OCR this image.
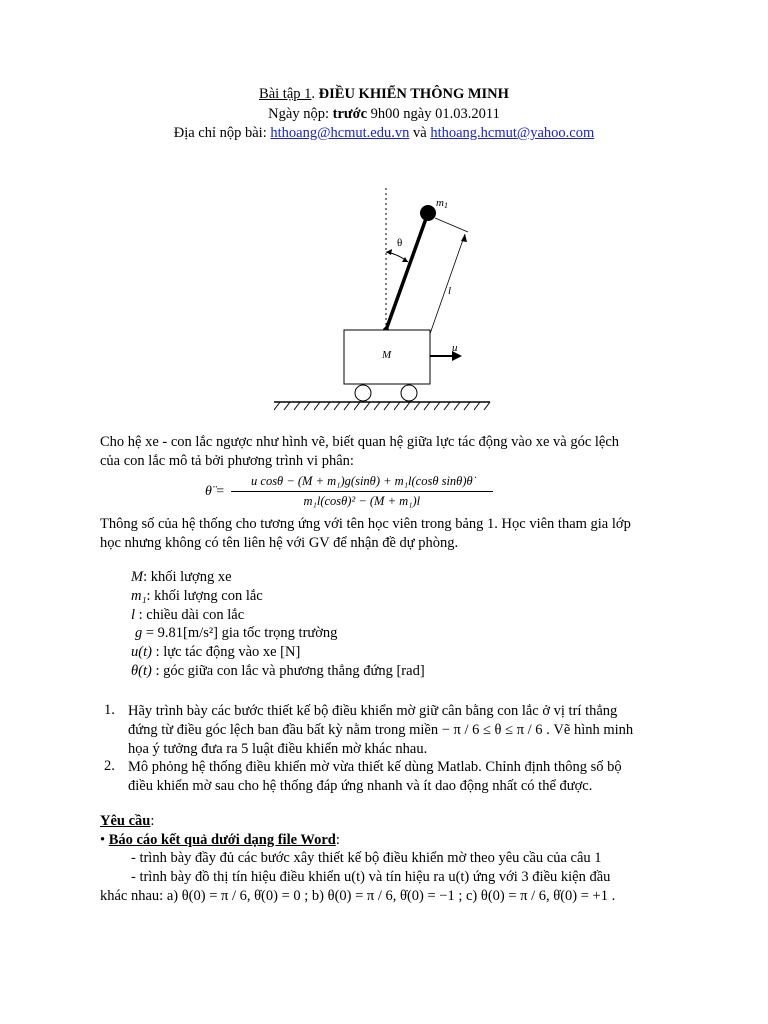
Bài tập 1. ĐIỀU KHIỂN THÔNG MINH
Ngày nộp: trước 9h00 ngày 01.03.2011
Địa chỉ nộp bài: hthoang@hcmut.edu.vn và hthoang.hcmut@yahoo.com
m1
θ
l
M
u
Cho hệ xe - con lắc ngược như hình vẽ, biết quan hệ giữa lực tác động vào xe và góc lệch
của con lắc mô tả bởi phương trình vi phân:
θ̈ = $\frac{\text{u cosθ − (M + m₁)g(sinθ) + m₁l(cosθ sinθ)θ̇}}{\text{m₁l(cosθ)² − (M + m₁)l}}$
Thông số của hệ thống cho tương ứng với tên học viên trong bảng 1. Học viên tham gia lớp
học nhưng không có tên liên hệ với GV để nhận đề dự phòng.
M: khối lượng xe
m₁: khối lượng con lắc
l : chiều dài con lắc
g = 9.81[m/s²] gia tốc trọng trường
u(t) : lực tác động vào xe [N]
θ(t) : góc giữa con lắc và phương thẳng đứng [rad]
1. Hãy trình bày các bước thiết kế bộ điều khiển mờ giữ cân bằng con lắc ở vị trí thẳng
đứng từ điều góc lệch ban đầu bất kỳ nằm trong miền − π / 6 ≤ θ ≤ π / 6 . Vẽ hình minh
họa ý tưởng đưa ra 5 luật điều khiển mờ khác nhau.
2. Mô phỏng hệ thống điều khiển mờ vừa thiết kế dùng Matlab. Chỉnh định thông số bộ
điều khiển mờ sau cho hệ thống đáp ứng nhanh và ít dao động nhất có thể được.
Yêu cầu:
• Báo cáo kết quả dưới dạng file Word:
- trình bày đầy đủ các bước xây thiết kế bộ điều khiển mờ theo yêu cầu của câu 1
- trình bày đồ thị tín hiệu điều khiển u(t) và tín hiệu ra u(t) ứng với 3 điều kiện đầu
khác nhau: a) θ(0) = π / 6, θ̇(0) = 0 ; b) θ(0) = π / 6, θ̇(0) = −1 ; c) θ(0) = π / 6, θ̇(0) = +1 .
